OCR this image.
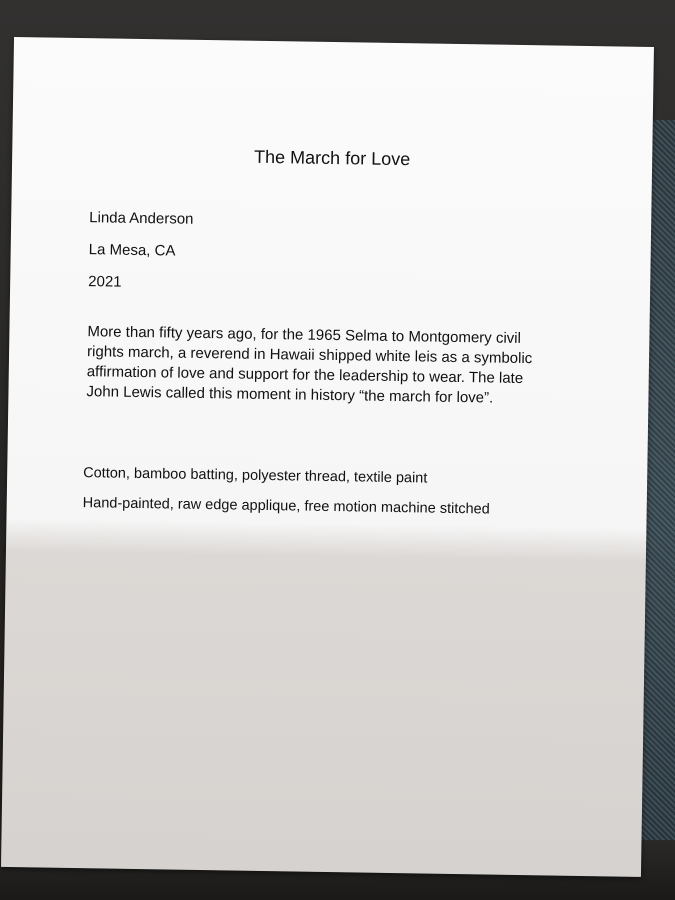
The March for Love
Linda Anderson
La Mesa, CA
2021

More than fifty years ago, for the 1965 Selma to Montgomery civil rights march, a reverend in Hawaii shipped white leis as a symbolic affirmation of love and support for the leadership to wear. The late John Lewis called this moment in history “the march for love”.

Cotton, bamboo batting, polyester thread, textile paint
Hand-painted, raw edge applique, free motion machine stitched
